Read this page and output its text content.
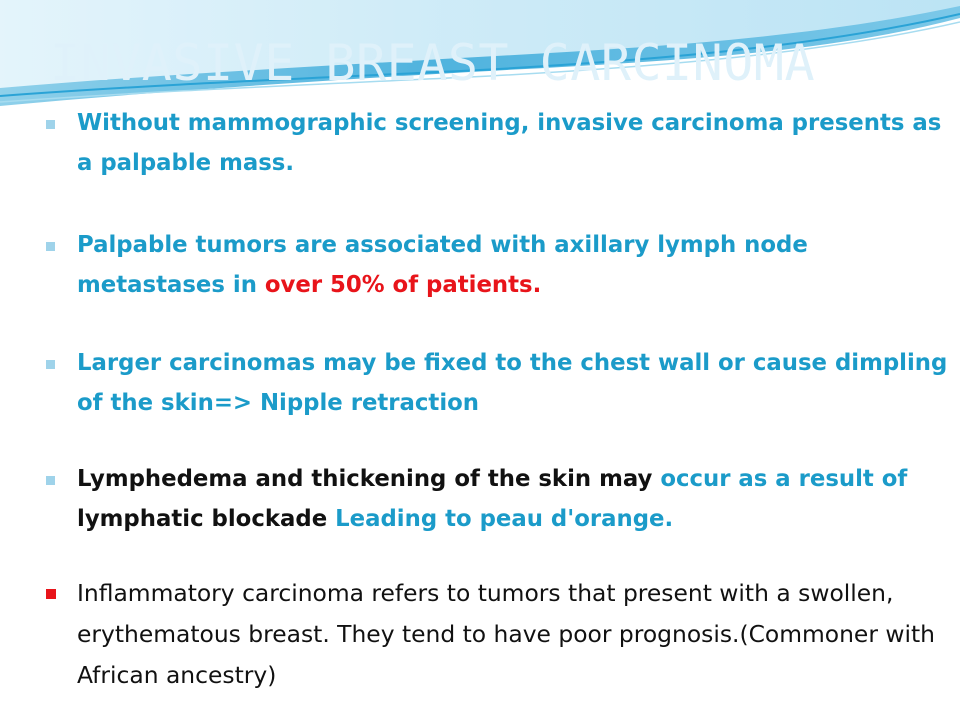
INVASIVE BREAST CARCINOMA

Without mammographic screening, invasive carcinoma presents as a palpable mass.

Palpable tumors are associated with axillary lymph node metastases in over 50% of patients.

Larger carcinomas may be fixed to the chest wall or cause dimpling of the skin=> Nipple retraction

Lymphedema and thickening of the skin may occur as a result of lymphatic blockade Leading to peau d'orange.

Inflammatory carcinoma refers to tumors that present with a swollen, erythematous breast. They tend to have poor prognosis.(Commoner with African ancestry)
